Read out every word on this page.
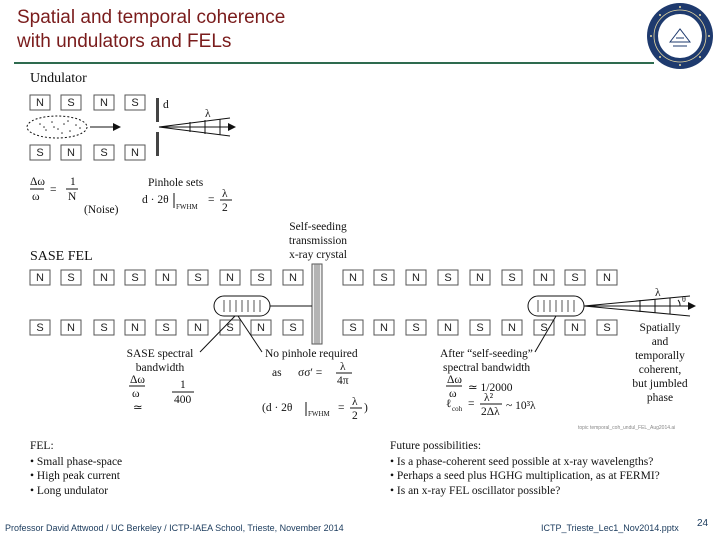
Spatial and temporal coherence
with undulators and FELs
Undulator
N S N S
S N S N
d
λ
Δω
ω
=
1
N
(Noise)
Pinhole sets
d · 2θ
FWHM
= λ
2
SASE FEL
Self-seeding
transmission
x-ray crystal
N S N S N S N S N	N S N S N S N S N
S N S N S N S N S	S N S N S N S N S
λ
θ
SASE spectral
bandwidth
Δω
ω
≃
1
400
No pinhole required
as σσ′ = λ
4π
(d · 2θ FWHM = λ
2
)
After “self-seeding”
spectral bandwidth
Δω
ω ≃ 1/2000
ℓ coh = λ²
2Δλ ~ 10³λ
Spatially
and
temporally
coherent,
but jumbled
phase
topic temporal_coh_undul_FEL_Aug2014.ai
FEL:
• Small phase-space
• High peak current
• Long undulator
Future possibilities:
• Is a phase-coherent seed possible at x-ray wavelengths?
• Perhaps a seed plus HGHG multiplication, as at FERMI?
• Is an x-ray FEL oscillator possible?
Professor David Attwood / UC Berkeley / ICTP-IAEA School, Trieste, November 2014	ICTP_Trieste_Lec1_Nov2014.pptx 24
